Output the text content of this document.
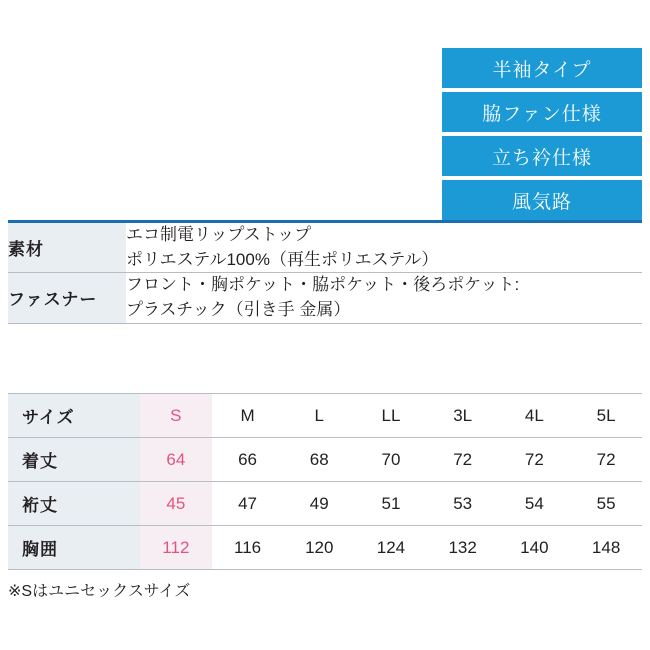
半袖タイプ
脇ファン仕様
立ち衿仕様
風気路
素材	エコ制電リップストップ
ポリエステル100%（再生ポリエステル）

ファスナー	フロント・胸ポケット・脇ポケット・後ろポケット:
プラスチック（引き手 金属）
サイズ	S	M	L	LL	3L	4L	5L
着丈	64	66	68	70	72	72	72
裄丈	45	47	49	51	53	54	55
胸囲	112	116	120	124	132	140	148
※Sはユニセックスサイズ
